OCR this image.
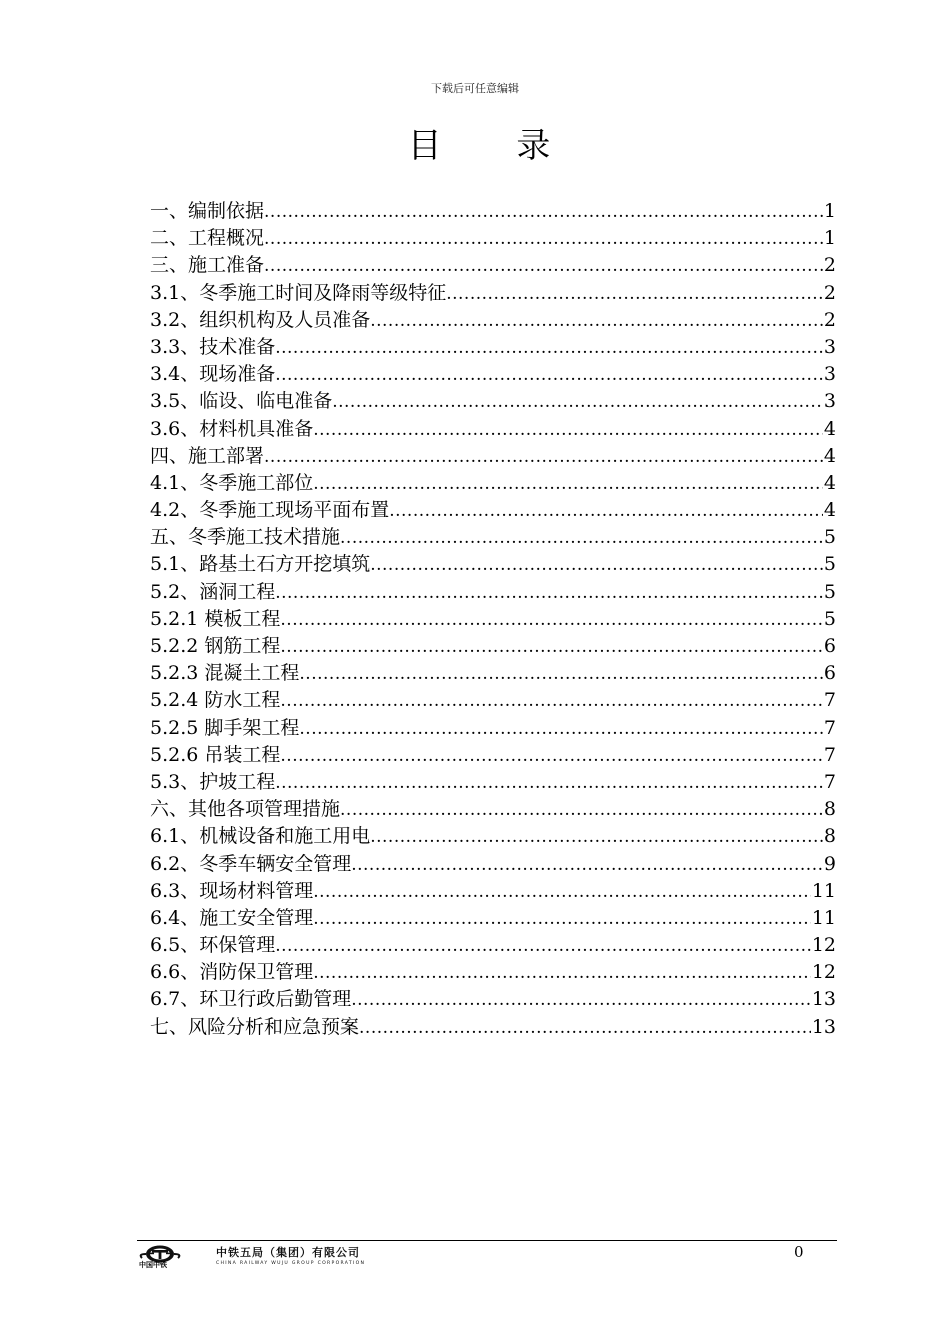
下载后可任意编辑
目 录
一、编制依据 .....	1
二、工程概况 .....	1
三、施工准备 .....	2
3.1、冬季施工时间及降雨等级特征 .....	2
3.2、组织机构及人员准备 .....	2
3.3、技术准备 .....	3
3.4、现场准备 .....	3
3.5、临设、临电准备 .....	3
3.6、材料机具准备 .....	4
四、施工部署 .....	4
4.1、冬季施工部位 .....	4
4.2、冬季施工现场平面布置 .....	4
五、冬季施工技术措施 .....	5
5.1、路基土石方开挖填筑 .....	5
5.2、涵洞工程 .....	5
5.2.1 模板工程 .....	5
5.2.2 钢筋工程 .....	6
5.2.3 混凝土工程 .....	6
5.2.4 防水工程 .....	7
5.2.5 脚手架工程 .....	7
5.2.6 吊装工程 .....	7
5.3、护坡工程 .....	7
六、其他各项管理措施 .....	8
6.1、机械设备和施工用电 .....	8
6.2、冬季车辆安全管理 .....	9
6.3、现场材料管理 .....	11
6.4、施工安全管理 .....	11
6.5、环保管理 .....	12
6.6、消防保卫管理 .....	12
6.7、环卫行政后勤管理 .....	13
七、风险分析和应急预案 .....	13
中国中铁
中铁五局（集团）有限公司
CHINA RAILWAY WUJU GROUP CORPORATION
0
